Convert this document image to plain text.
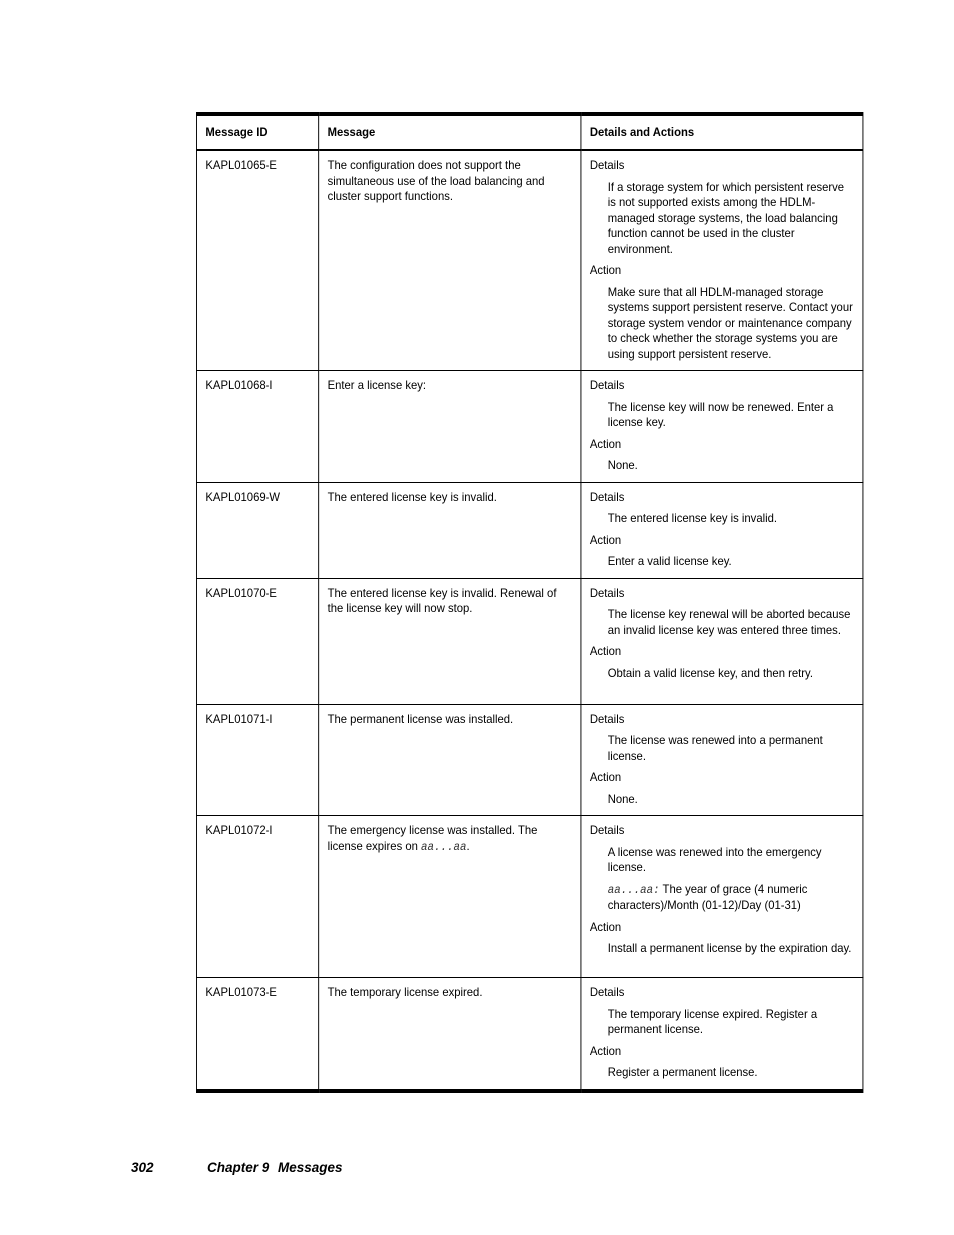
Message ID	Message	Details and Actions
KAPL01065-E	The configuration does not support the simultaneous use of the load balancing and cluster support functions.	Details
If a storage system for which persistent reserve is not supported exists among the HDLM-managed storage systems, the load balancing function cannot be used in the cluster environment.
Action
Make sure that all HDLM-managed storage systems support persistent reserve. Contact your storage system vendor or maintenance company to check whether the storage systems you are using support persistent reserve.

KAPL01068-I	Enter a license key:	Details
The license key will now be renewed. Enter a license key.
Action
None.

KAPL01069-W	The entered license key is invalid.	Details
The entered license key is invalid.
Action
Enter a valid license key.

KAPL01070-E	The entered license key is invalid. Renewal of the license key will now stop.	Details
The license key renewal will be aborted because an invalid license key was entered three times.
Action
Obtain a valid license key, and then retry.

KAPL01071-I	The permanent license was installed.	Details
The license was renewed into a permanent license.
Action
None.

KAPL01072-I	The emergency license was installed. The license expires on aa...aa.	Details
A license was renewed into the emergency license.
aa...aa: The year of grace (4 numeric characters)/Month (01-12)/Day (01-31)
Action
Install a permanent license by the expiration day.

KAPL01073-E	The temporary license expired.	Details
The temporary license expired. Register a permanent license.
Action
Register a permanent license.
302	Chapter 9 Messages
